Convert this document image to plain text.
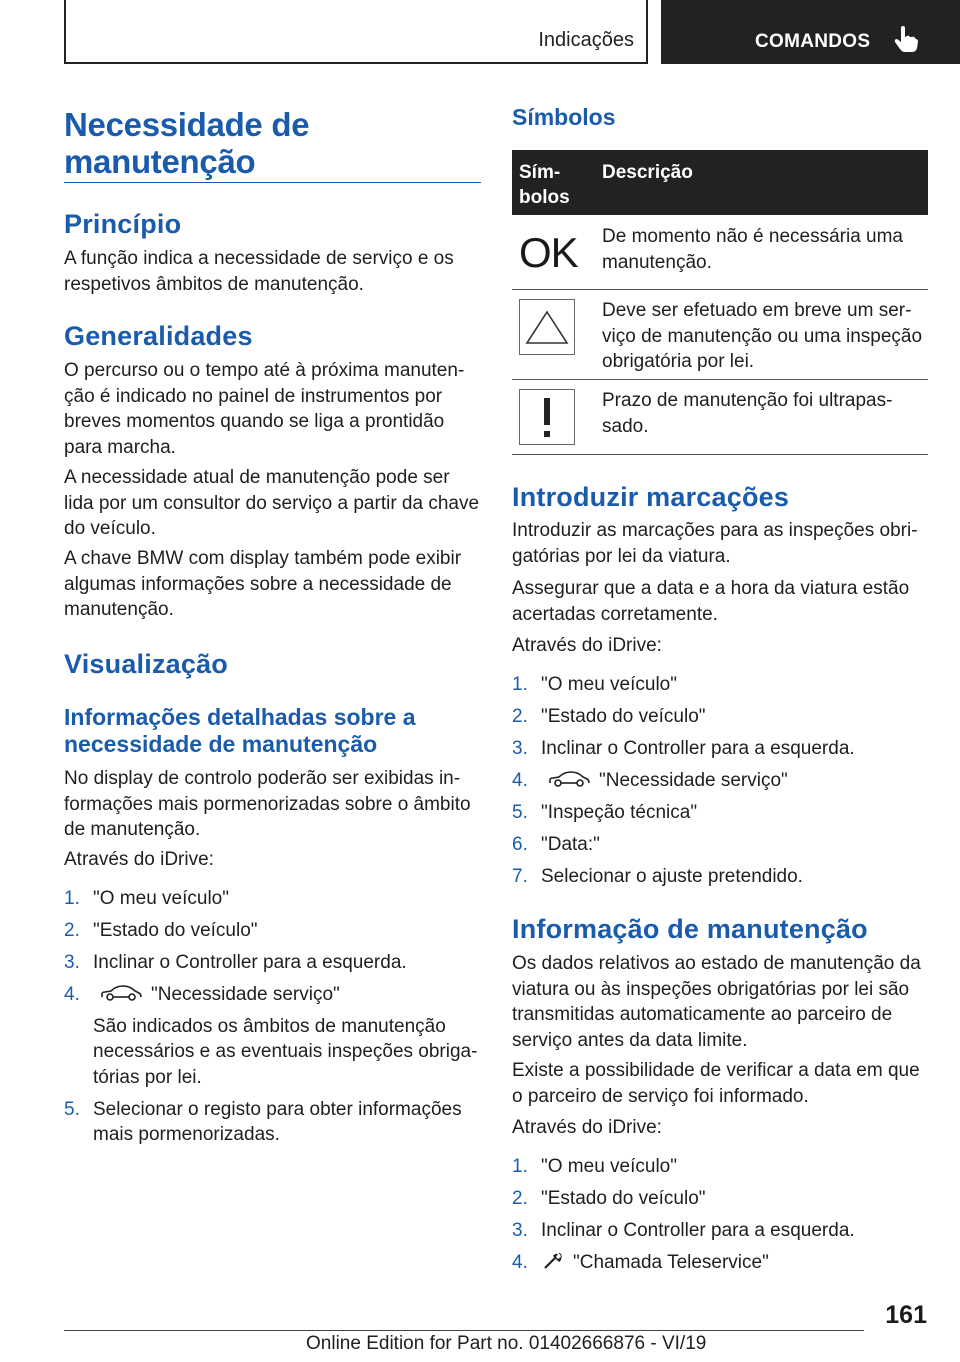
Indicações	COMANDOS
Necessidade de manutenção
Princípio
A função indica a necessidade de serviço e os respetivos âmbitos de manutenção.
Generalidades
O percurso ou o tempo até à próxima manutenção é indicado no painel de instrumentos por breves momentos quando se liga a prontidão para marcha.
A necessidade atual de manutenção pode ser lida por um consultor do serviço a partir da chave do veículo.
A chave BMW com display também pode exibir algumas informações sobre a necessidade de manutenção.
Visualização
Informações detalhadas sobre a necessidade de manutenção
No display de controlo poderão ser exibidas informações mais pormenorizadas sobre o âmbito de manutenção.
Através do iDrive:
1. "O meu veículo"
2. "Estado do veículo"
3. Inclinar o Controller para a esquerda.
4.	"Necessidade serviço"
São indicados os âmbitos de manutenção necessários e as eventuais inspeções obrigatórias por lei.
5. Selecionar o registo para obter informações mais pormenorizadas.
Símbolos
Símbolos
Descrição
OK De momento não é necessária uma manutenção.
Deve ser efetuado em breve um serviço de manutenção ou uma inspeção obrigatória por lei.
Prazo de manutenção foi ultrapassado.
Introduzir marcações
Introduzir as marcações para as inspeções obrigatórias por lei da viatura.
Assegurar que a data e a hora da viatura estão acertadas corretamente.
Através do iDrive:
1. "O meu veículo"
2. "Estado do veículo"
3. Inclinar o Controller para a esquerda.
4.	"Necessidade serviço"
5. "Inspeção técnica"
6. "Data:"
7. Selecionar o ajuste pretendido.
Informação de manutenção
Os dados relativos ao estado de manutenção da viatura ou às inspeções obrigatórias por lei são transmitidas automaticamente ao parceiro de serviço antes da data limite.
Existe a possibilidade de verificar a data em que o parceiro de serviço foi informado.
Através do iDrive:
1. "O meu veículo"
2. "Estado do veículo"
3. Inclinar o Controller para a esquerda.
4. "Chamada Teleservice"
161
Online Edition for Part no. 01402666876 - VI/19
